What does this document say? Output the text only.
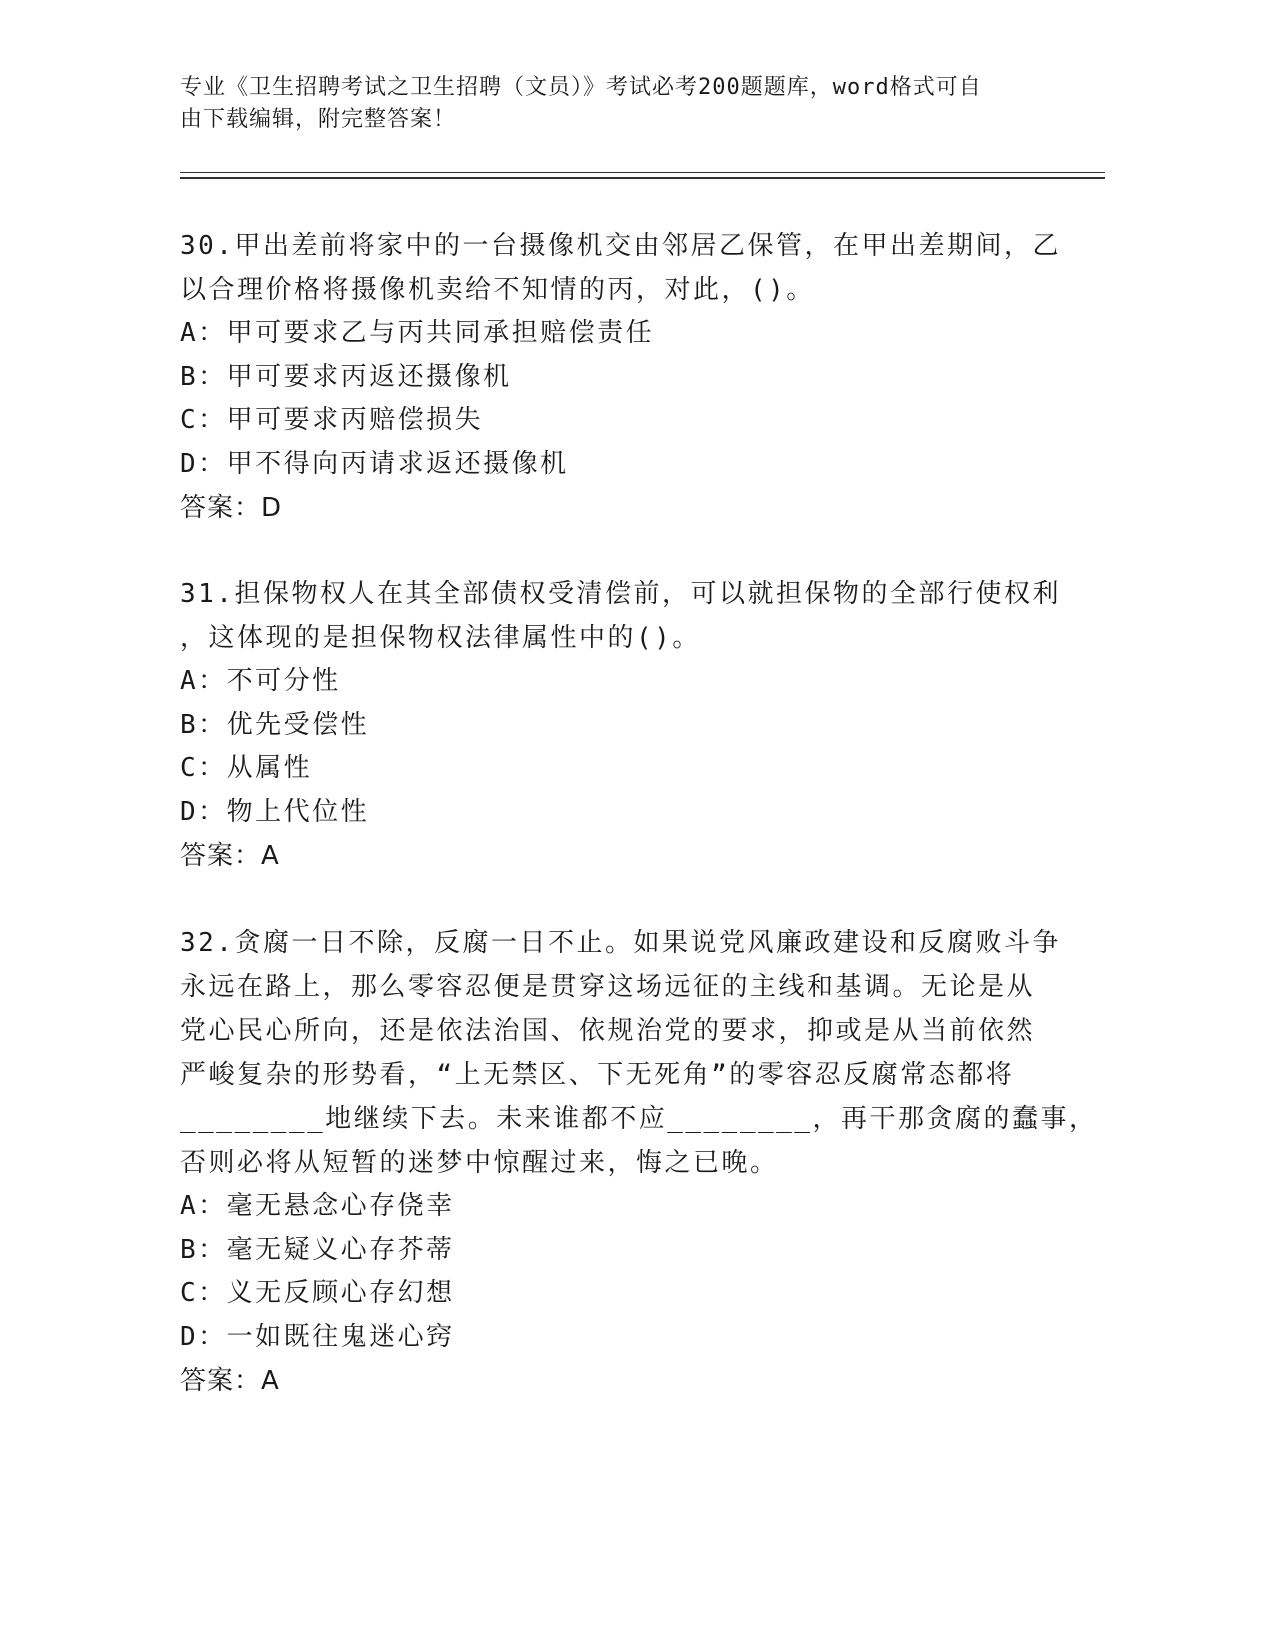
专业《卫生招聘考试之卫生招聘（文员）》考试必考200题题库，word格式可自
由下载编辑，附完整答案！
30.甲出差前将家中的一台摄像机交由邻居乙保管，在甲出差期间，乙
以合理价格将摄像机卖给不知情的丙，对此，()。
A：甲可要求乙与丙共同承担赔偿责任
B：甲可要求丙返还摄像机
C：甲可要求丙赔偿损失
D：甲不得向丙请求返还摄像机
答案：D
31.担保物权人在其全部债权受清偿前，可以就担保物的全部行使权利
，这体现的是担保物权法律属性中的()。
A：不可分性
B：优先受偿性
C：从属性
D：物上代位性
答案：A
32.贪腐一日不除，反腐一日不止。如果说党风廉政建设和反腐败斗争
永远在路上，那么零容忍便是贯穿这场远征的主线和基调。无论是从
党心民心所向，还是依法治国、依规治党的要求，抑或是从当前依然
严峻复杂的形势看，“上无禁区、下无死角”的零容忍反腐常态都将
________地继续下去。未来谁都不应________，再干那贪腐的蠢事，
否则必将从短暂的迷梦中惊醒过来，悔之已晚。
A：毫无悬念心存侥幸
B：毫无疑义心存芥蒂
C：义无反顾心存幻想
D：一如既往鬼迷心窍
答案：A
